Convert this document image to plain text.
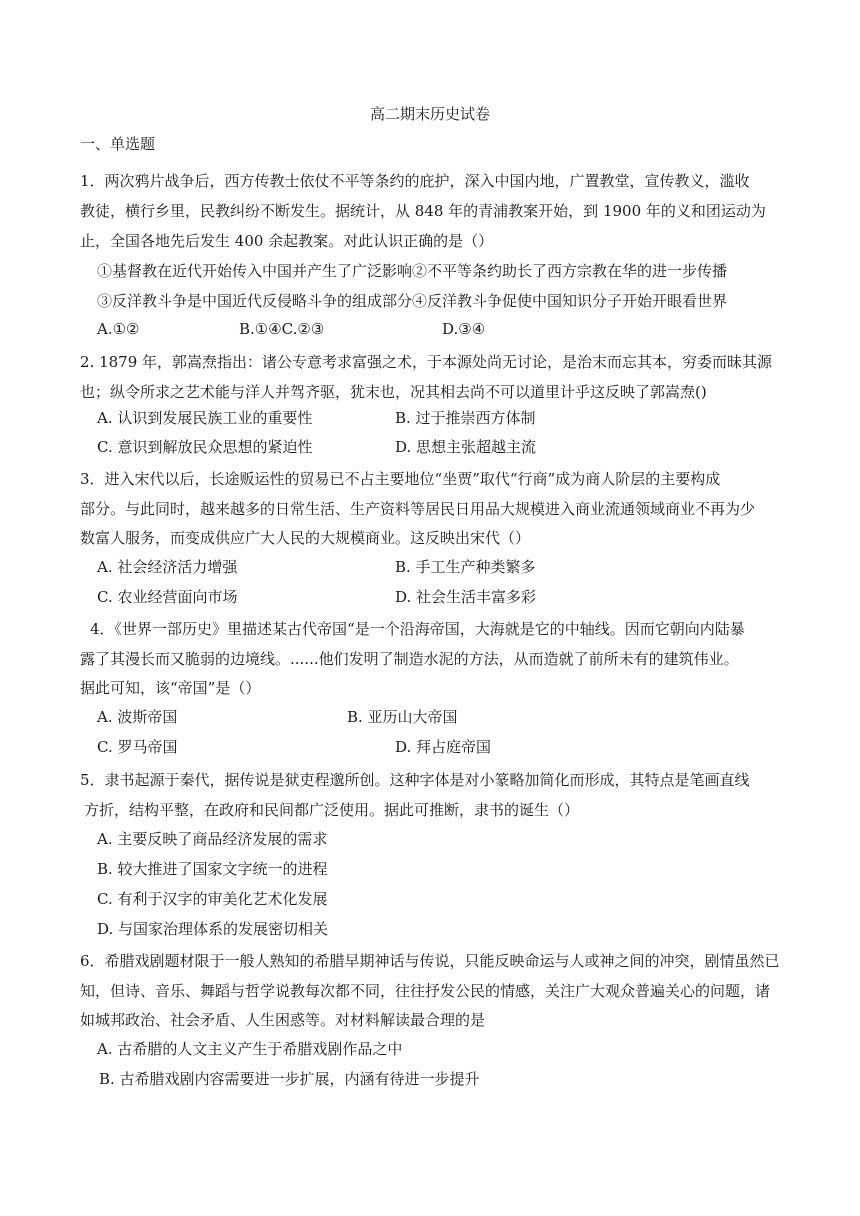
高二期末历史试卷
一、单选题
1．两次鸦片战争后，西方传教士依仗不平等条约的庇护，深入中国内地，广置教堂，宣传教义，滥收
教徒，横行乡里，民教纠纷不断发生。据统计，从 848 年的青浦教案开始，到 1900 年的义和团运动为
止，全国各地先后发生 400 余起教案。对此认识正确的是（）
①基督教在近代开始传入中国并产生了广泛影响②不平等条约助长了西方宗教在华的进一步传播
③反洋教斗争是中国近代反侵略斗争的组成部分④反洋教斗争促使中国知识分子开始开眼看世界
A.①②	B.①④C.②③	D.③④
2. 1879 年，郭嵩焘指出：诸公专意考求富强之术，于本源处尚无讨论，是治末而忘其本，穷委而昧其源
也；纵令所求之艺术能与洋人并驾齐驱，犹末也，况其相去尚不可以道里计乎这反映了郭嵩焘()
A. 认识到发展民族工业的重要性	B. 过于推崇西方体制
C. 意识到解放民众思想的紧迫性	D. 思想主张超越主流
3．进入宋代以后，长途贩运性的贸易已不占主要地位“坐贾”取代“行商”成为商人阶层的主要构成
部分。与此同时，越来越多的日常生活、生产资料等居民日用品大规模进入商业流通领域商业不再为少
数富人服务，而变成供应广大人民的大规模商业。这反映出宋代（）
A. 社会经济活力增强	B. 手工生产种类繁多
C. 农业经营面向市场	D. 社会生活丰富多彩
4．《世界一部历史》里描述某古代帝国“是一个沿海帝国，大海就是它的中轴线。因而它朝向内陆暴
露了其漫长而又脆弱的边境线。......他们发明了制造水泥的方法，从而造就了前所未有的建筑伟业。
据此可知，该“帝国”是（）
A. 波斯帝国	B. 亚历山大帝国
C. 罗马帝国	D. 拜占庭帝国
5．隶书起源于秦代，据传说是狱吏程邈所创。这种字体是对小篆略加简化而形成，其特点是笔画直线
方折，结构平整，在政府和民间都广泛使用。据此可推断，隶书的诞生（）
A. 主要反映了商品经济发展的需求
B. 较大推进了国家文字统一的进程
C. 有利于汉字的审美化艺术化发展
D. 与国家治理体系的发展密切相关
6．希腊戏剧题材限于一般人熟知的希腊早期神话与传说，只能反映命运与人或神之间的冲突，剧情虽然已
知，但诗、音乐、舞蹈与哲学说教每次都不同，往往抒发公民的情感，关注广大观众普遍关心的问题，诸
如城邦政治、社会矛盾、人生困惑等。对材料解读最合理的是
A. 古希腊的人文主义产生于希腊戏剧作品之中
B. 古希腊戏剧内容需要进一步扩展，内涵有待进一步提升
